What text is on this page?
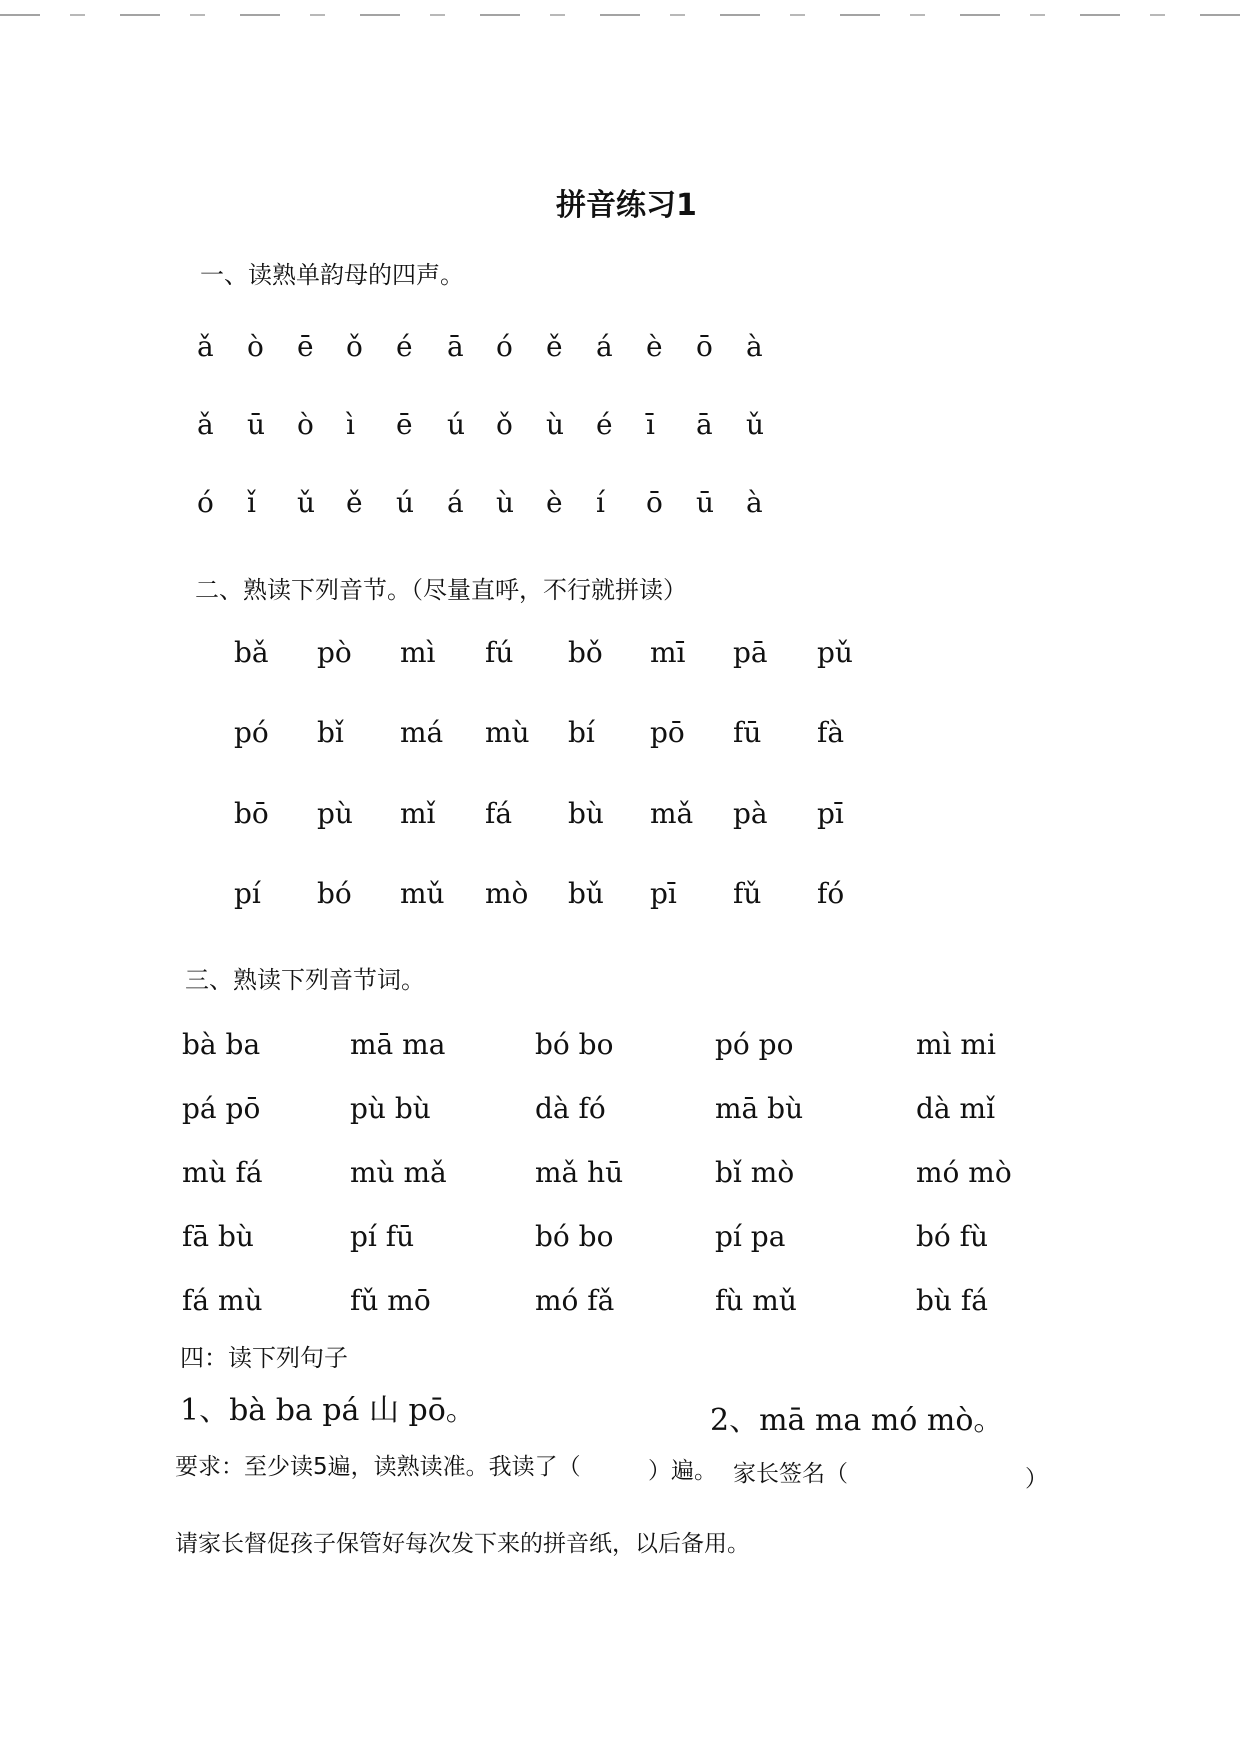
拼音练习1
一、读熟单韵母的四声。
ǎ ò ē ǒ é ā ó ě á è ō à
ǎ ū ò ì ē ú ǒ ù é ī ā ǔ
ó ǐ ǔ ě ú á ù è í ō ū à
二、熟读下列音节。（尽量直呼，不行就拼读）
bǎ pò mì fú bǒ mī pā pǔ
pó bǐ má mù bí pō fū fà
bō pù mǐ fá bù mǎ pà pī
pí bó mǔ mò bǔ pī fǔ fó
三、熟读下列音节词。
bà ba	mā ma	bó bo	pó po	mì mi
pá pō	pù bù	dà fó	mā bù	dà mǐ
mù fá	mù mǎ	mǎ hū	bǐ mò	mó mò
fā bù	pí fū	bó bo	pí pa	bó fù
fá mù	fǔ mō	mó fǎ	fù mǔ	bù fá
四：读下列句子
1、bà ba pá 山 pō。	2、mā ma mó mò。
要求：至少读5遍，读熟读准。我读了（	）遍。 家长签名（	）
请家长督促孩子保管好每次发下来的拼音纸，以后备用。
